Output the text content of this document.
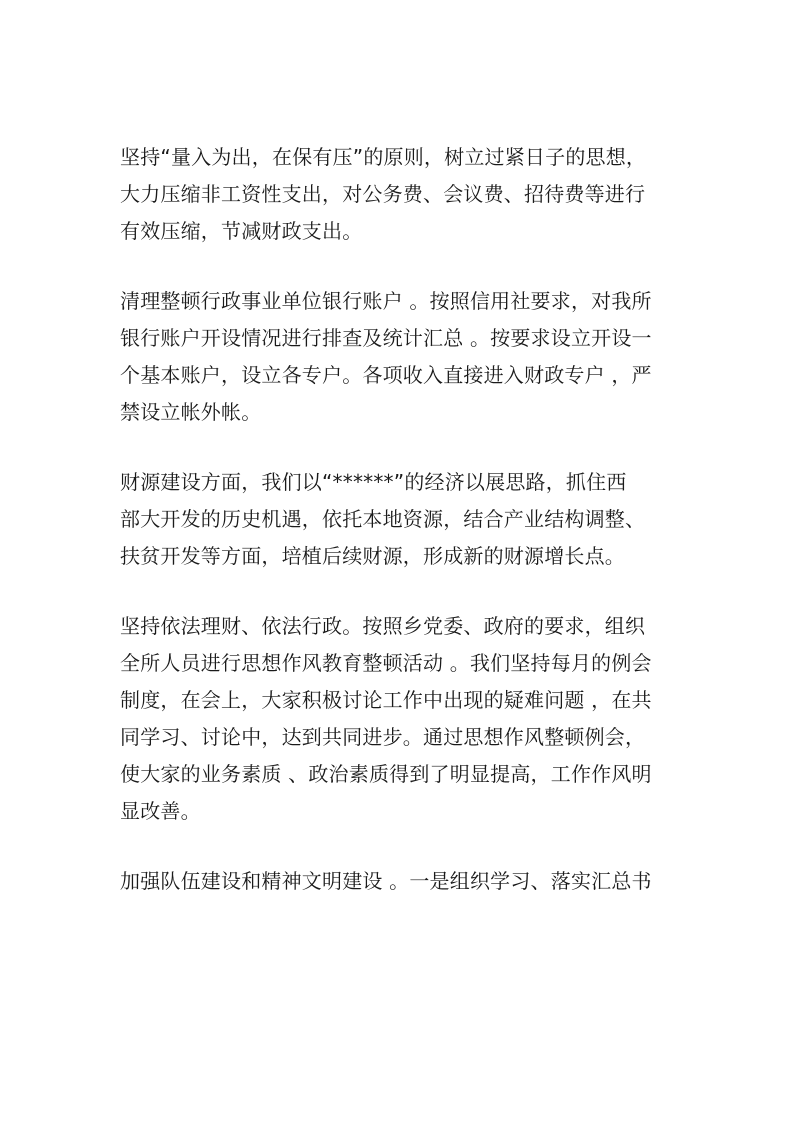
坚持“量入为出，在保有压”的原则，树立过紧日子的思想，
大力压缩非工资性支出，对公务费、会议费、招待费等进行
有效压缩，节减财政支出。
清理整顿行政事业单位银行账户 。按照信用社要求，对我所
银行账户开设情况进行排查及统计汇总 。按要求设立开设一
个基本账户，设立各专户。各项收入直接进入财政专户 ，严
禁设立帐外帐。
财源建设方面，我们以“******”的经济以展思路，抓住西
部大开发的历史机遇，依托本地资源，结合产业结构调整、
扶贫开发等方面，培植后续财源，形成新的财源增长点。
坚持依法理财、依法行政。按照乡党委、政府的要求，组织
全所人员进行思想作风教育整顿活动 。我们坚持每月的例会
制度，在会上，大家积极讨论工作中出现的疑难问题 ，在共
同学习、讨论中，达到共同进步。通过思想作风整顿例会，
使大家的业务素质 、政治素质得到了明显提高，工作作风明
显改善。
加强队伍建设和精神文明建设 。一是组织学习、落实汇总书
